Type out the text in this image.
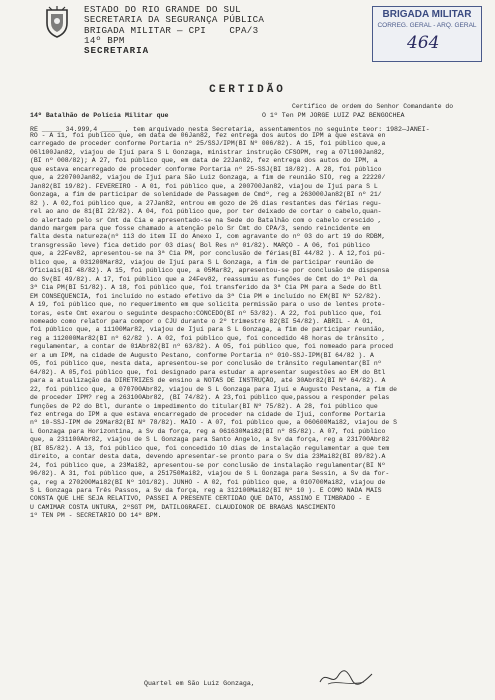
ESTADO DO RIO GRANDE DO SUL
SECRETARIA DA SEGURANÇA PÚBLICA
BRIGADA MILITAR — CPI    CPA/3
14º BPM
SECRETARIA
BRIGADA MILITAR
CORREG. GERAL - ARQ. GERAL
464
CERTIDÃO
Certifico de ordem do Senhor Comandante do
14º Batalhão de Polícia Militar que	O 1º Ten PM JORGE LUIZ PAZ BENGOCHEA
RE _____ 34.999,4 _____ , tem arquivado nesta Secretaria, assentamentos no seguinte teor: 1982—JANEI-
RO - A 11, foi publico que, em data de 06Jan82, fez entrega dos autos do IPM a que estava en
carregado de proceder conforme Portaria nº 25/SSJ/IPM(BI Nº 006/82). A 15, foi público que,a
06l100Jan82, viajou de Ijuí para S L Gonzaga, ministrar instrução CFSOPM, reg a 07l100Jan82,
(BI nº 008/82); A 27, foi público que, em data de 22Jan82, fez entrega dos autos do IPM, a
que estava encarregado de proceder conforme Portaria nº 25-SSJ(BI 18/82). A 28, foi público
que, a 220700Jan82, viajou de Ijuí para São Luiz Gonzaga, a fim de reunião SIO, reg a 22220/
Jan82(BI 19/82). FEVEREIRO - A 01, foi público que, a 200700Jan82, viajou de Ijuí para S L
Gonzaga, a fim de participar de solenidade de Passagem de Cmdº, reg a 263000Jan82(BI nº 21/
82 ). A 02,foi público que, a 27Jan82, entrou em gozo de 26 dias restantes das férias regu-
rel ao ano de 81(BI 22/82). A 04, foi público que, por ter deixado de cortar o cabelo,quan-
do alertado pelo sr Cmt da Cia e apresentado-se na Sede do Batalhão com o cabelo crescido ,
dando margem para que fosse chamado a atenção pelo Sr Cmt do CPA/3, sendo reincidente em
falta desta natureza(nº 113 do item II do Anexo I, com agravante do nº 03 do art 19 do RDBM,
transgressão leve) fica detido por 03 dias( Bol Res nº 01/82). MARÇO - A 06, foi público
que, a 22Fev82, apresentou-se na 3ª Cia PM, por conclusão de férias(BI 44/82 ). A 12,foi pú-
blico que, a 031200Mar82, viajou de Ijuí para S L Gonzaga, a fim de participar reunião de
Oficiais(BI 48/82). A 15, foi público que, a 05Mar82, apresentou-se por conclusão de dispensa
do Sv(BI 49/82). A 17, foi público que a 24Fev82, reassumiu as funções de Cmt do 1º Pel da
3ª Cia PM(BI 51/82). A 18, foi público que, foi transferido da 3ª Cia PM para a Sede do Btl
EM CONSEQUENCIA, foi incluído no estado efetivo da 3ª Cia PM e incluído no EM(BI Nº 52/82).
A 19, foi público que, no requerimento em que solicita permissão para o uso de lentes prote-
toras, este Cmt exarou o seguinte despacho:CONCEDO(BI nº 53/82). A 22, foi publico que, foi
nomeado como relator para compor o CJU durante o 2º trimestre 82(BI 54/82). ABRIL - A 01,
foi público que, a 11100Mar82, viajou de Ijuí para S L Gonzaga, a fim de participar reunião,
reg a 112000Mar82(BI nº 62/82 ). A 02, foi público que, foi concedido 48 horas de trânsito ,
regulamentar, a contar de 01Abr82(BI nº 63/82). A 05, foi público que, foi nomeado para proced
er a um IPM, na cidade de Augusto Pestano, conforme Portaria nº 010-SSJ-IPM(BI 64/82 ). A
05, foi público que, nesta data, apresentou-se por conclusão de trânsito regulamentar(BI nº
64/82). A 05,foi público que, foi designado para estudar a apresentar sugestões ao EM do Btl
para a atualização da DIRETRIZES de ensino a NOTAS DE INSTRUÇÃO, até 30Abr82(BI Nº 64/82). A
22, foi público que, a 070700Abr82, viajou de S L Gonzaga para Ijuí e Augusto Pestana, a fim de
de proceder IPM? reg a 263100Abr82, (BI 74/82). A 23,foi público que,passou a responder pelas
funções de P2 do Btl, durante o impedimento do titular(BI Nº 75/82). A 28, foi público que
fez entrega do IPM a que estava encarregado de proceder na cidade de Ijuí, conforme Portaria
nº 10-SSJ-IPM de 29Mar82(BI Nº 78/82). MAIO - A 07, foi público que, a 060600Mai82, viajou de S
L Gonzaga para Horizontina, a Sv da força, reg a 061630Mai82(BI nº 85/82). A 07, foi público
que, a 231100Abr82, viajou de S L Gonzaga para Santo Angelo, a Sv da força, reg a 231700Abr82
(BI 85/82). A 13, foi público que, foi concedido 10 dias de instalação regulamentar a que tem
direito, a contar desta data, devendo apresentar-se pronto para o Sv dia 23Mai82(BI 89/82).A
24, foi público que, a 23Mai82, apresentou-se por conclusão de instalação regulamentar(BI Nº
96/82). A 31, foi público que, a 251750Mai82, viajou de S L Gonzaga para Sessin, a Sv da for-
ça, reg a 270200Mai82(BI Nº 101/82). JUNHO - A 02, foi público que, a 010700Mai82, viajou de
S L Gonzaga para Três Passos, a Sv da força, reg a 312100Mai82(BI Nº 10 ). E COMO NADA MAIS
CONSTA QUE LHE SEJA RELATIVO, PASSEI A PRESENTE CERTIDÃO QUE DATO, ASSINO E TIMBRADO - E
U CAMIMAR COSTA UNTURA, 2ºSGT PM, DATILOGRAFEI. CLAUDIONOR DE BRAGAS NASCIMENTO
1º TEN PM - SECRETÁRIO DO 14º BPM.
Quartel em São Luiz Gonzaga,
